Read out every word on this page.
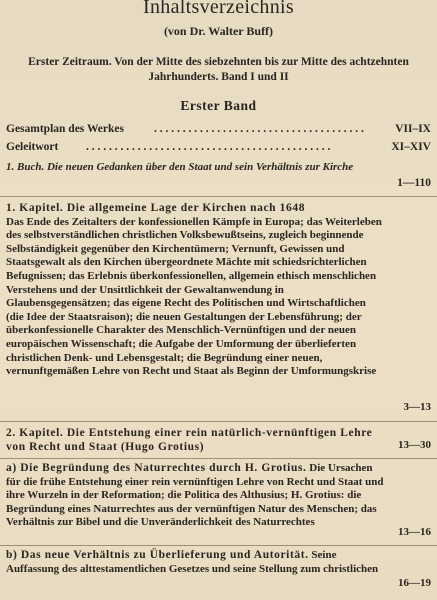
Inhaltsverzeichnis
(von Dr. Walter Buff)
Erster Zeitraum. Von der Mitte des siebzehnten bis zur Mitte des achtzehnten Jahrhunderts. Band I und II
Erster Band
Gesamtplan des Werkes	. . . . . . . . . . . . . . . . . . . . . . . . . . . . . . . . . . . . .	VII–IX
Geleitwort . . . . . . . . . . . . . . . . . . . . . . . . . . . . . . . . . . . . . . . . . . .	XI–XIV
1. Buch. Die neuen Gedanken über den Staat und sein Verhältnis zur Kirche
1—110
1. Kapitel. Die allgemeine Lage der Kirchen nach 1648
Das Ende des Zeitalters der konfessionellen Kämpfe in Europa; das Weiterleben des selbstverständlichen christlichen Volksbewußtseins, zugleich beginnende Selbständigkeit gegenüber den Kirchentümern; Vernunft, Gewissen und Staatsgewalt als den Kirchen übergeordnete Mächte mit schiedsrichterlichen Befugnissen; das Erlebnis überkonfessionellen, allgemein ethisch menschlichen Verstehens und der Unsittlichkeit der Gewaltanwendung in Glaubensgegensätzen; das eigene Recht des Politischen und Wirtschaftlichen (die Idee der Staatsraison); die neuen Gestaltungen der Lebensführung; der überkonfessionelle Charakter des Menschlich-Vernünftigen und der neuen europäischen Wissenschaft; die Aufgabe der Umformung der überlieferten christlichen Denk- und Lebensgestalt; die Begründung einer neuen, vernunftgemäßen Lehre von Recht und Staat als Beginn der Umformungskrise
3—13
2. Kapitel. Die Entstehung einer rein natürlich-vernünftigen Lehre von Recht und Staat (Hugo Grotius)	13—30
a) Die Begründung des Naturrechtes durch H. Grotius. Die Ursachen für die frühe Entstehung einer rein vernünftigen Lehre von Recht und Staat und ihre Wurzeln in der Reformation; die Politica des Althusius; H. Grotius: die Begründung eines Naturrechtes aus der vernünftigen Natur des Menschen; das Verhältnis zur Bibel und die Unveränderlichkeit des Naturrechtes
13—16
b) Das neue Verhältnis zu Überlieferung und Autorität. Seine Auffassung des alttestamentlichen Gesetzes und seine Stellung zum christlichen
16—19
